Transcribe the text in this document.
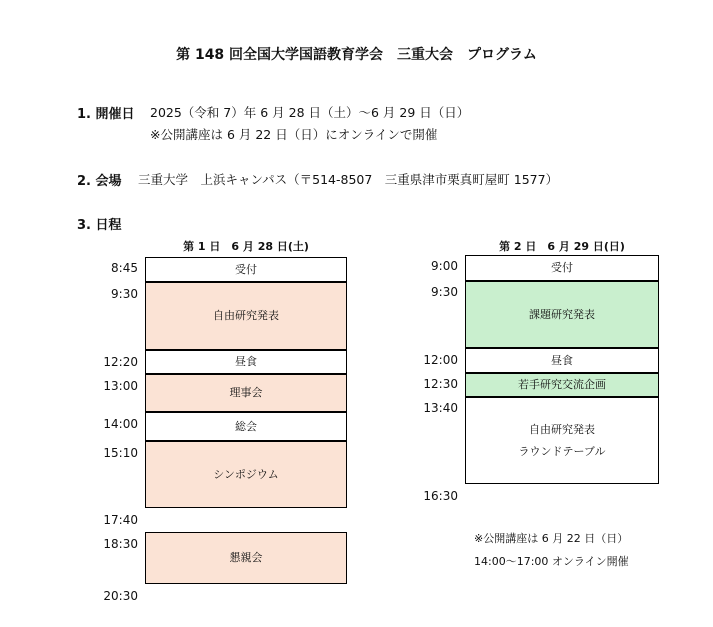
第 148 回全国大学国語教育学会　三重大会　プログラム
1. 開催日 2025（令和 7）年 6 月 28 日（土）～6 月 29 日（日）
※公開講座は 6 月 22 日（日）にオンラインで開催
2. 会場 三重大学　上浜キャンパス（〒514-8507　三重県津市栗真町屋町 1577）
3. 日程
第 1 日　6 月 28 日(土)
8:45
9:30
12:20
13:00
14:00
15:10
17:40
18:30
20:30
受付
自由研究発表
昼食
理事会
総会
シンポジウム
懇親会
第 2 日　6 月 29 日(日)
9:00
9:30
12:00
12:30
13:40
16:30
受付
課題研究発表
昼食
若手研究交流企画
自由研究発表
ラウンドテーブル
※公開講座は 6 月 22 日（日）
14:00～17:00 オンライン開催
